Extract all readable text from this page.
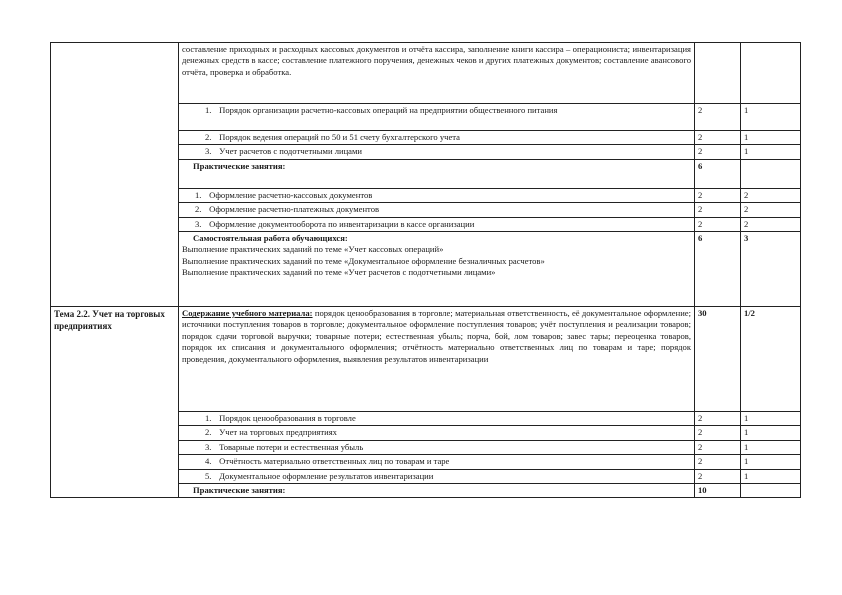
	составление приходных и расходных кассовых документов и отчёта кассира, заполнение книги кассира – операциониста; инвентаризация денежных средств в кассе; составление платежного поручения, денежных чеков и других платежных документов; составление авансового отчёта, проверка и обработка.		
	1. Порядок организации расчетно-кассовых операций на предприятии общественного питания	2	1
	2. Порядок ведения операций по 50 и 51 счету бухгалтерского учета	2	1
	3. Учет расчетов с подотчетными лицами	2	1
	Практические занятия:	6	
	1. Оформление расчетно-кассовых документов	2	2
	2. Оформление расчетно-платежных документов	2	2
	3. Оформление документооборота по инвентаризации в кассе организации	2	2

	Самостоятельная работа обучающихся:
Выполнение практических заданий по теме «Учет кассовых операций»
Выполнение практических заданий по теме «Документальное оформление безналичных расчетов»
Выполнение практических заданий по теме «Учет расчетов с подотчетными лицами»	6	3
Тема 2.2. Учет на торговых предприятиях	Содержание учебного материала: порядок ценообразования в торговле; материальная ответственность, её документальное оформление; источники поступления товаров в торговле; документальное оформление поступления товаров; учёт поступления и реализации товаров; порядок сдачи торговой выручки; товарные потери; естественная убыль; порча, бой, лом товаров; завес тары; переоценка товаров, порядок их списания и документального оформления; отчётность материально ответственных лиц по товарам и таре; порядок проведения, документального оформления, выявления результатов инвентаризации	30	1/2
	1. Порядок ценообразования в торговле	2	1
	2. Учет на торговых предприятиях	2	1
	3. Товарные потери и естественная убыль	2	1
	4. Отчётность материально ответственных лиц по товарам и таре	2	1
	5. Документальное оформление результатов инвентаризации	2	1
	Практические занятия:	10	
